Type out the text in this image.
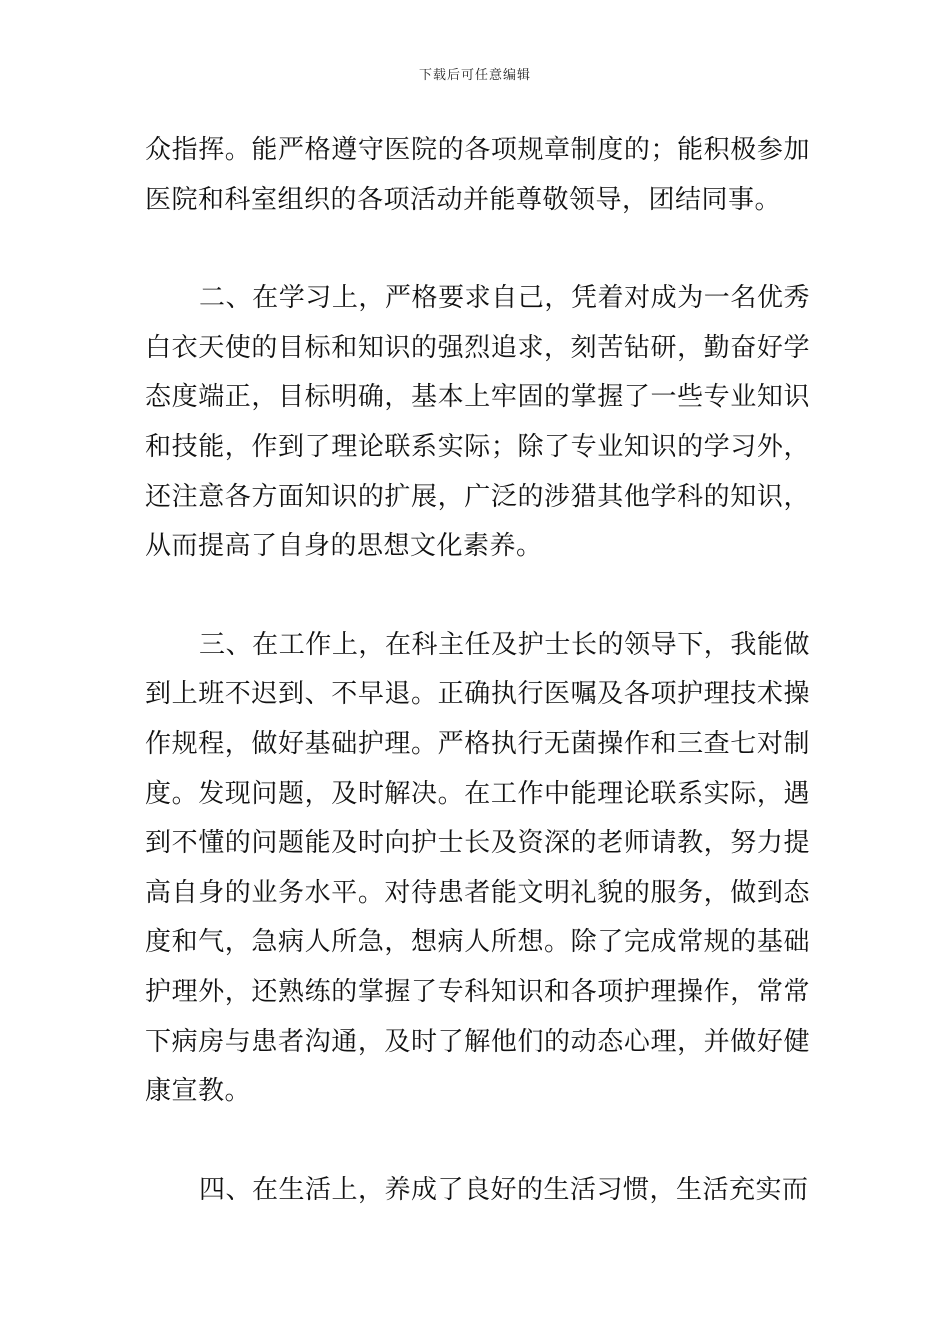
下载后可任意编辑

众指挥。能严格遵守医院的各项规章制度的；能积极参加医院和科室组织的各项活动并能尊敬领导，团结同事。

二、在学习上，严格要求自己，凭着对成为一名优秀白衣天使的目标和知识的强烈追求，刻苦钻研，勤奋好学态度端正，目标明确，基本上牢固的掌握了一些专业知识和技能，作到了理论联系实际；除了专业知识的学习外，还注意各方面知识的扩展，广泛的涉猎其他学科的知识，从而提高了自身的思想文化素养。

三、在工作上，在科主任及护士长的领导下，我能做到上班不迟到、不早退。正确执行医嘱及各项护理技术操作规程，做好基础护理。严格执行无菌操作和三查七对制度。发现问题，及时解决。在工作中能理论联系实际，遇到不懂的问题能及时向护士长及资深的老师请教，努力提高自身的业务水平。对待患者能文明礼貌的服务，做到态度和气，急病人所急，想病人所想。除了完成常规的基础护理外，还熟练的掌握了专科知识和各项护理操作，常常下病房与患者沟通，及时了解他们的动态心理，并做好健康宣教。

四、在生活上，养成了良好的生活习惯，生活充实而
